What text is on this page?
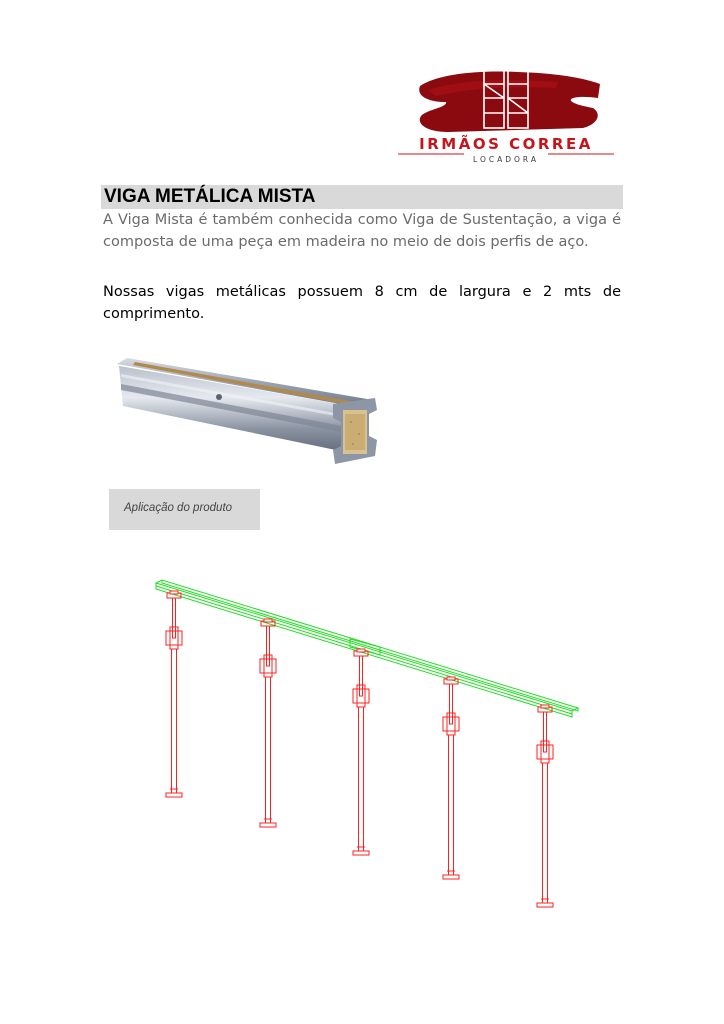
IRMÃOS CORREA
LOCADORA
VIGA METÁLICA MISTA

A Viga Mista é também conhecida como Viga de Sustentação, a viga é composta de uma peça em madeira no meio de dois perfis de aço.

Nossas vigas metálicas possuem 8 cm de largura e 2 mts de comprimento.

Aplicação do produto
